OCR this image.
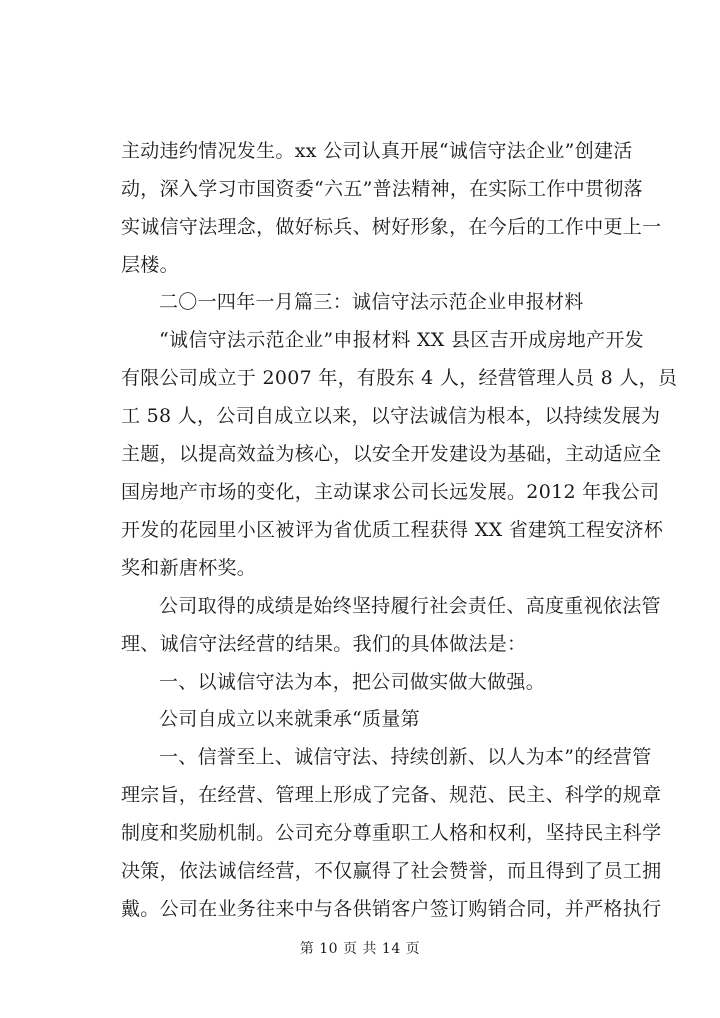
主动违约情况发生。xx 公司认真开展“诚信守法企业”创建活
动，深入学习市国资委“六五”普法精神，在实际工作中贯彻落
实诚信守法理念，做好标兵、树好形象，在今后的工作中更上一
层楼。
二〇一四年一月篇三：诚信守法示范企业申报材料
“诚信守法示范企业”申报材料 XX 县区吉开成房地产开发
有限公司成立于 2007 年，有股东 4 人，经营管理人员 8 人，员
工 58 人，公司自成立以来，以守法诚信为根本，以持续发展为
主题，以提高效益为核心，以安全开发建设为基础，主动适应全
国房地产市场的变化，主动谋求公司长远发展。2012 年我公司
开发的花园里小区被评为省优质工程获得 XX 省建筑工程安济杯
奖和新唐杯奖。
公司取得的成绩是始终坚持履行社会责任、高度重视依法管
理、诚信守法经营的结果。我们的具体做法是：
一、以诚信守法为本，把公司做实做大做强。
公司自成立以来就秉承“质量第
一、信誉至上、诚信守法、持续创新、以人为本”的经营管
理宗旨，在经营、管理上形成了完备、规范、民主、科学的规章
制度和奖励机制。公司充分尊重职工人格和权利，坚持民主科学
决策，依法诚信经营，不仅赢得了社会赞誉，而且得到了员工拥
戴。公司在业务往来中与各供销客户签订购销合同，并严格执行
第 10 页 共 14 页
